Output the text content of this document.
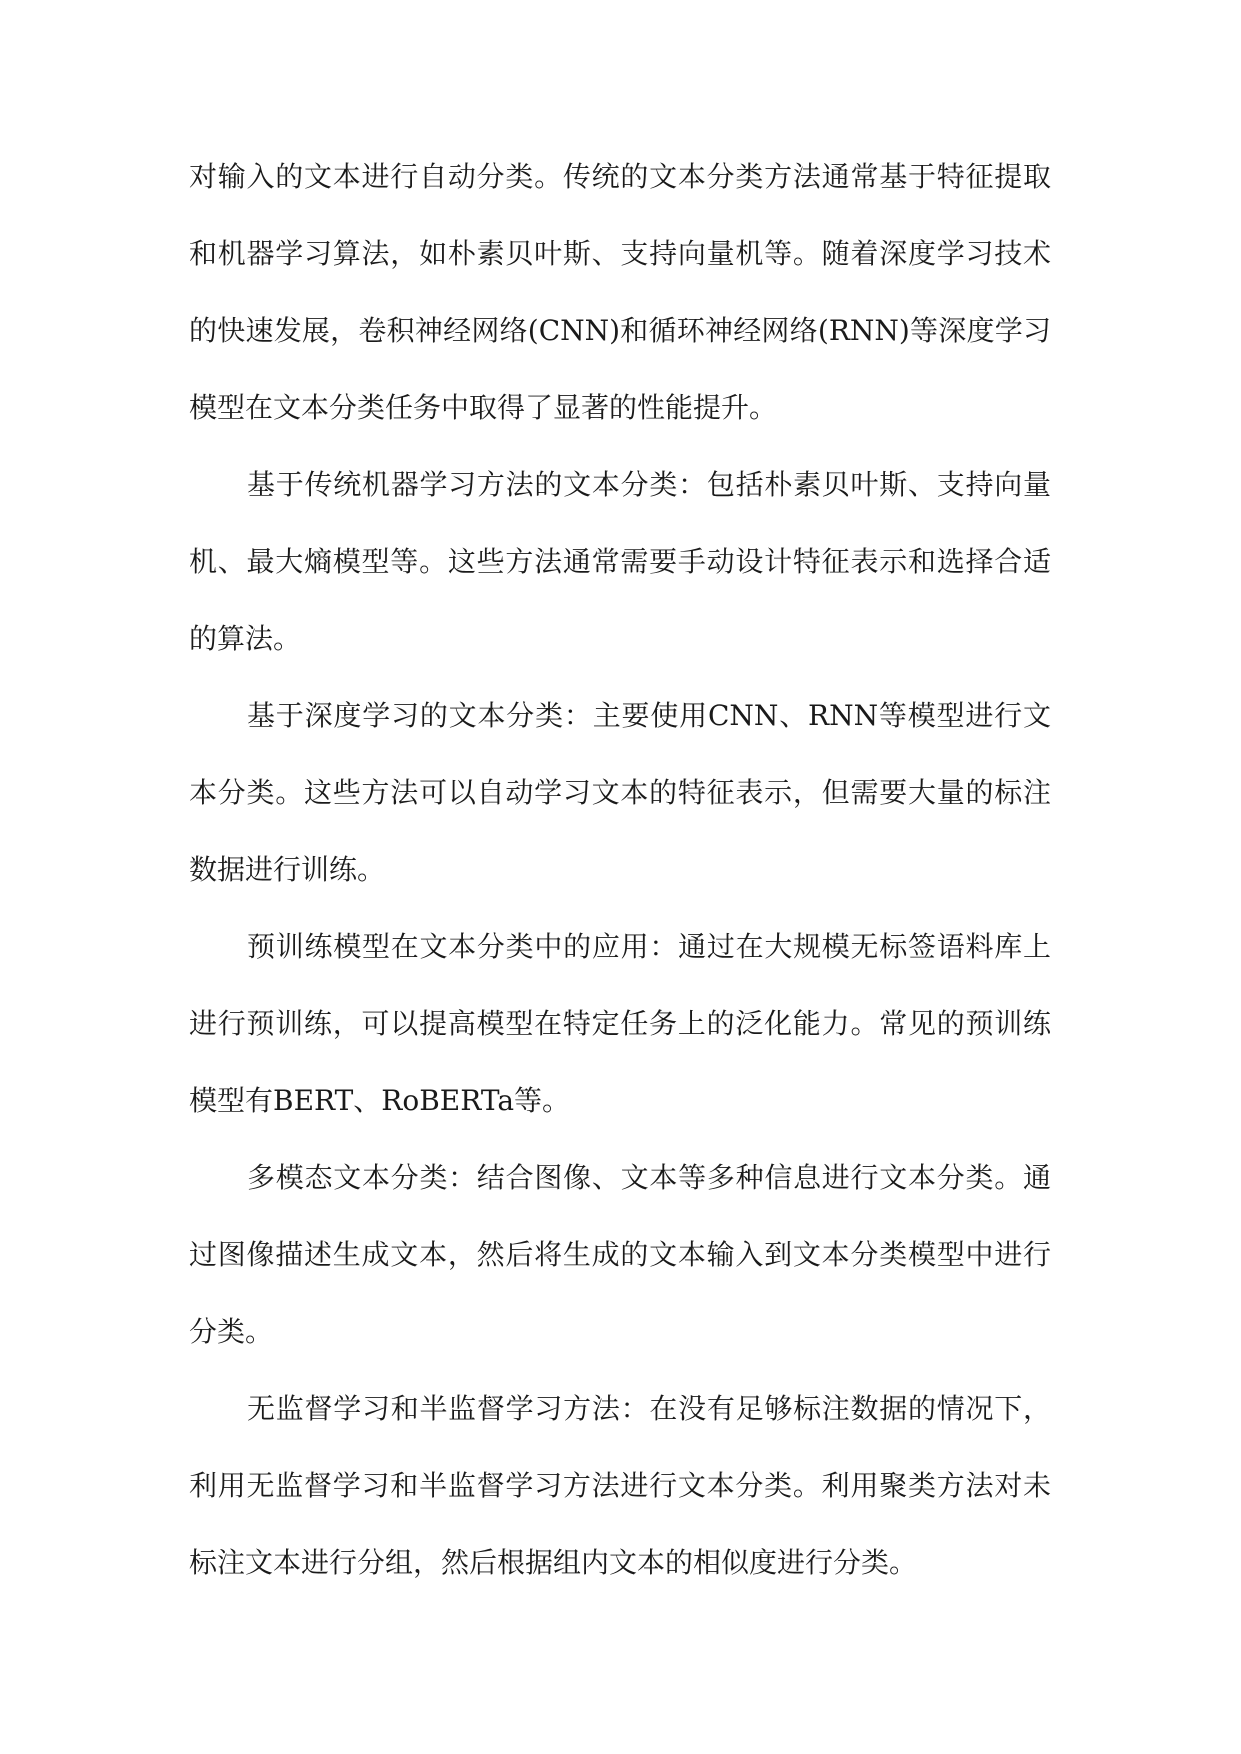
对输入的文本进行自动分类。传统的文本分类方法通常基于特征提取和机器学习算法，如朴素贝叶斯、支持向量机等。随着深度学习技术的快速发展，卷积神经网络(CNN)和循环神经网络(RNN)等深度学习模型在文本分类任务中取得了显著的性能提升。

基于传统机器学习方法的文本分类：包括朴素贝叶斯、支持向量机、最大熵模型等。这些方法通常需要手动设计特征表示和选择合适的算法。

基于深度学习的文本分类：主要使用CNN、RNN等模型进行文本分类。这些方法可以自动学习文本的特征表示，但需要大量的标注数据进行训练。

预训练模型在文本分类中的应用：通过在大规模无标签语料库上进行预训练，可以提高模型在特定任务上的泛化能力。常见的预训练模型有BERT、RoBERTa等。

多模态文本分类：结合图像、文本等多种信息进行文本分类。通过图像描述生成文本，然后将生成的文本输入到文本分类模型中进行分类。

无监督学习和半监督学习方法：在没有足够标注数据的情况下，利用无监督学习和半监督学习方法进行文本分类。利用聚类方法对未标注文本进行分组，然后根据组内文本的相似度进行分类。
